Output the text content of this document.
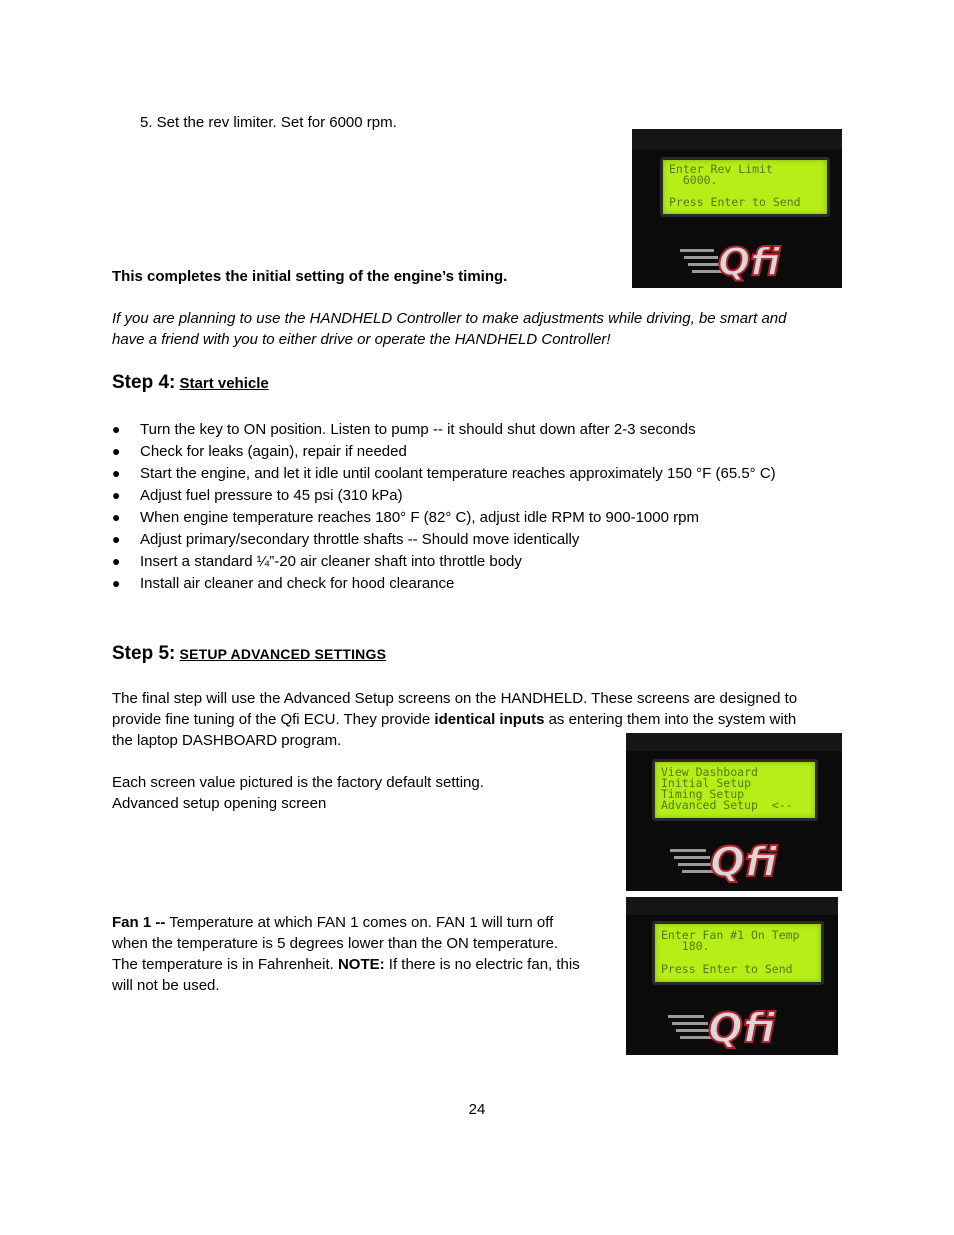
5. Set the rev limiter. Set for 6000 rpm.
Enter Rev Limit
6000.
Press Enter to Send
Qfi
This completes the initial setting of the engine’s timing.
If you are planning to use the HANDHELD Controller to make adjustments while driving, be smart and
have a friend with you to either drive or operate the HANDHELD Controller!
Step 4: Start vehicle
● Turn the key to ON position. Listen to pump -- it should shut down after 2-3 seconds
● Check for leaks (again), repair if needed
● Start the engine, and let it idle until coolant temperature reaches approximately 150 °F (65.5° C)
● Adjust fuel pressure to 45 psi (310 kPa)
● When engine temperature reaches 180° F (82° C), adjust idle RPM to 900-1000 rpm
● Adjust primary/secondary throttle shafts -- Should move identically
● Insert a standard ¼”-20 air cleaner shaft into throttle body
● Install air cleaner and check for hood clearance
Step 5: SETUP ADVANCED SETTINGS
The final step will use the Advanced Setup screens on the HANDHELD. These screens are designed to
provide fine tuning of the Qfi ECU. They provide identical inputs as entering them into the system with
the laptop DASHBOARD program.
Each screen value pictured is the factory default setting.
Advanced setup opening screen
View Dashboard
Initial Setup
Timing Setup
Advanced Setup  <--
Qfi
Fan 1 -- Temperature at which FAN 1 comes on. FAN 1 will turn off
when the temperature is 5 degrees lower than the ON temperature.
The temperature is in Fahrenheit. NOTE: If there is no electric fan, this
will not be used.
Enter Fan #1 On Temp
180.
Press Enter to Send
Qfi
24
